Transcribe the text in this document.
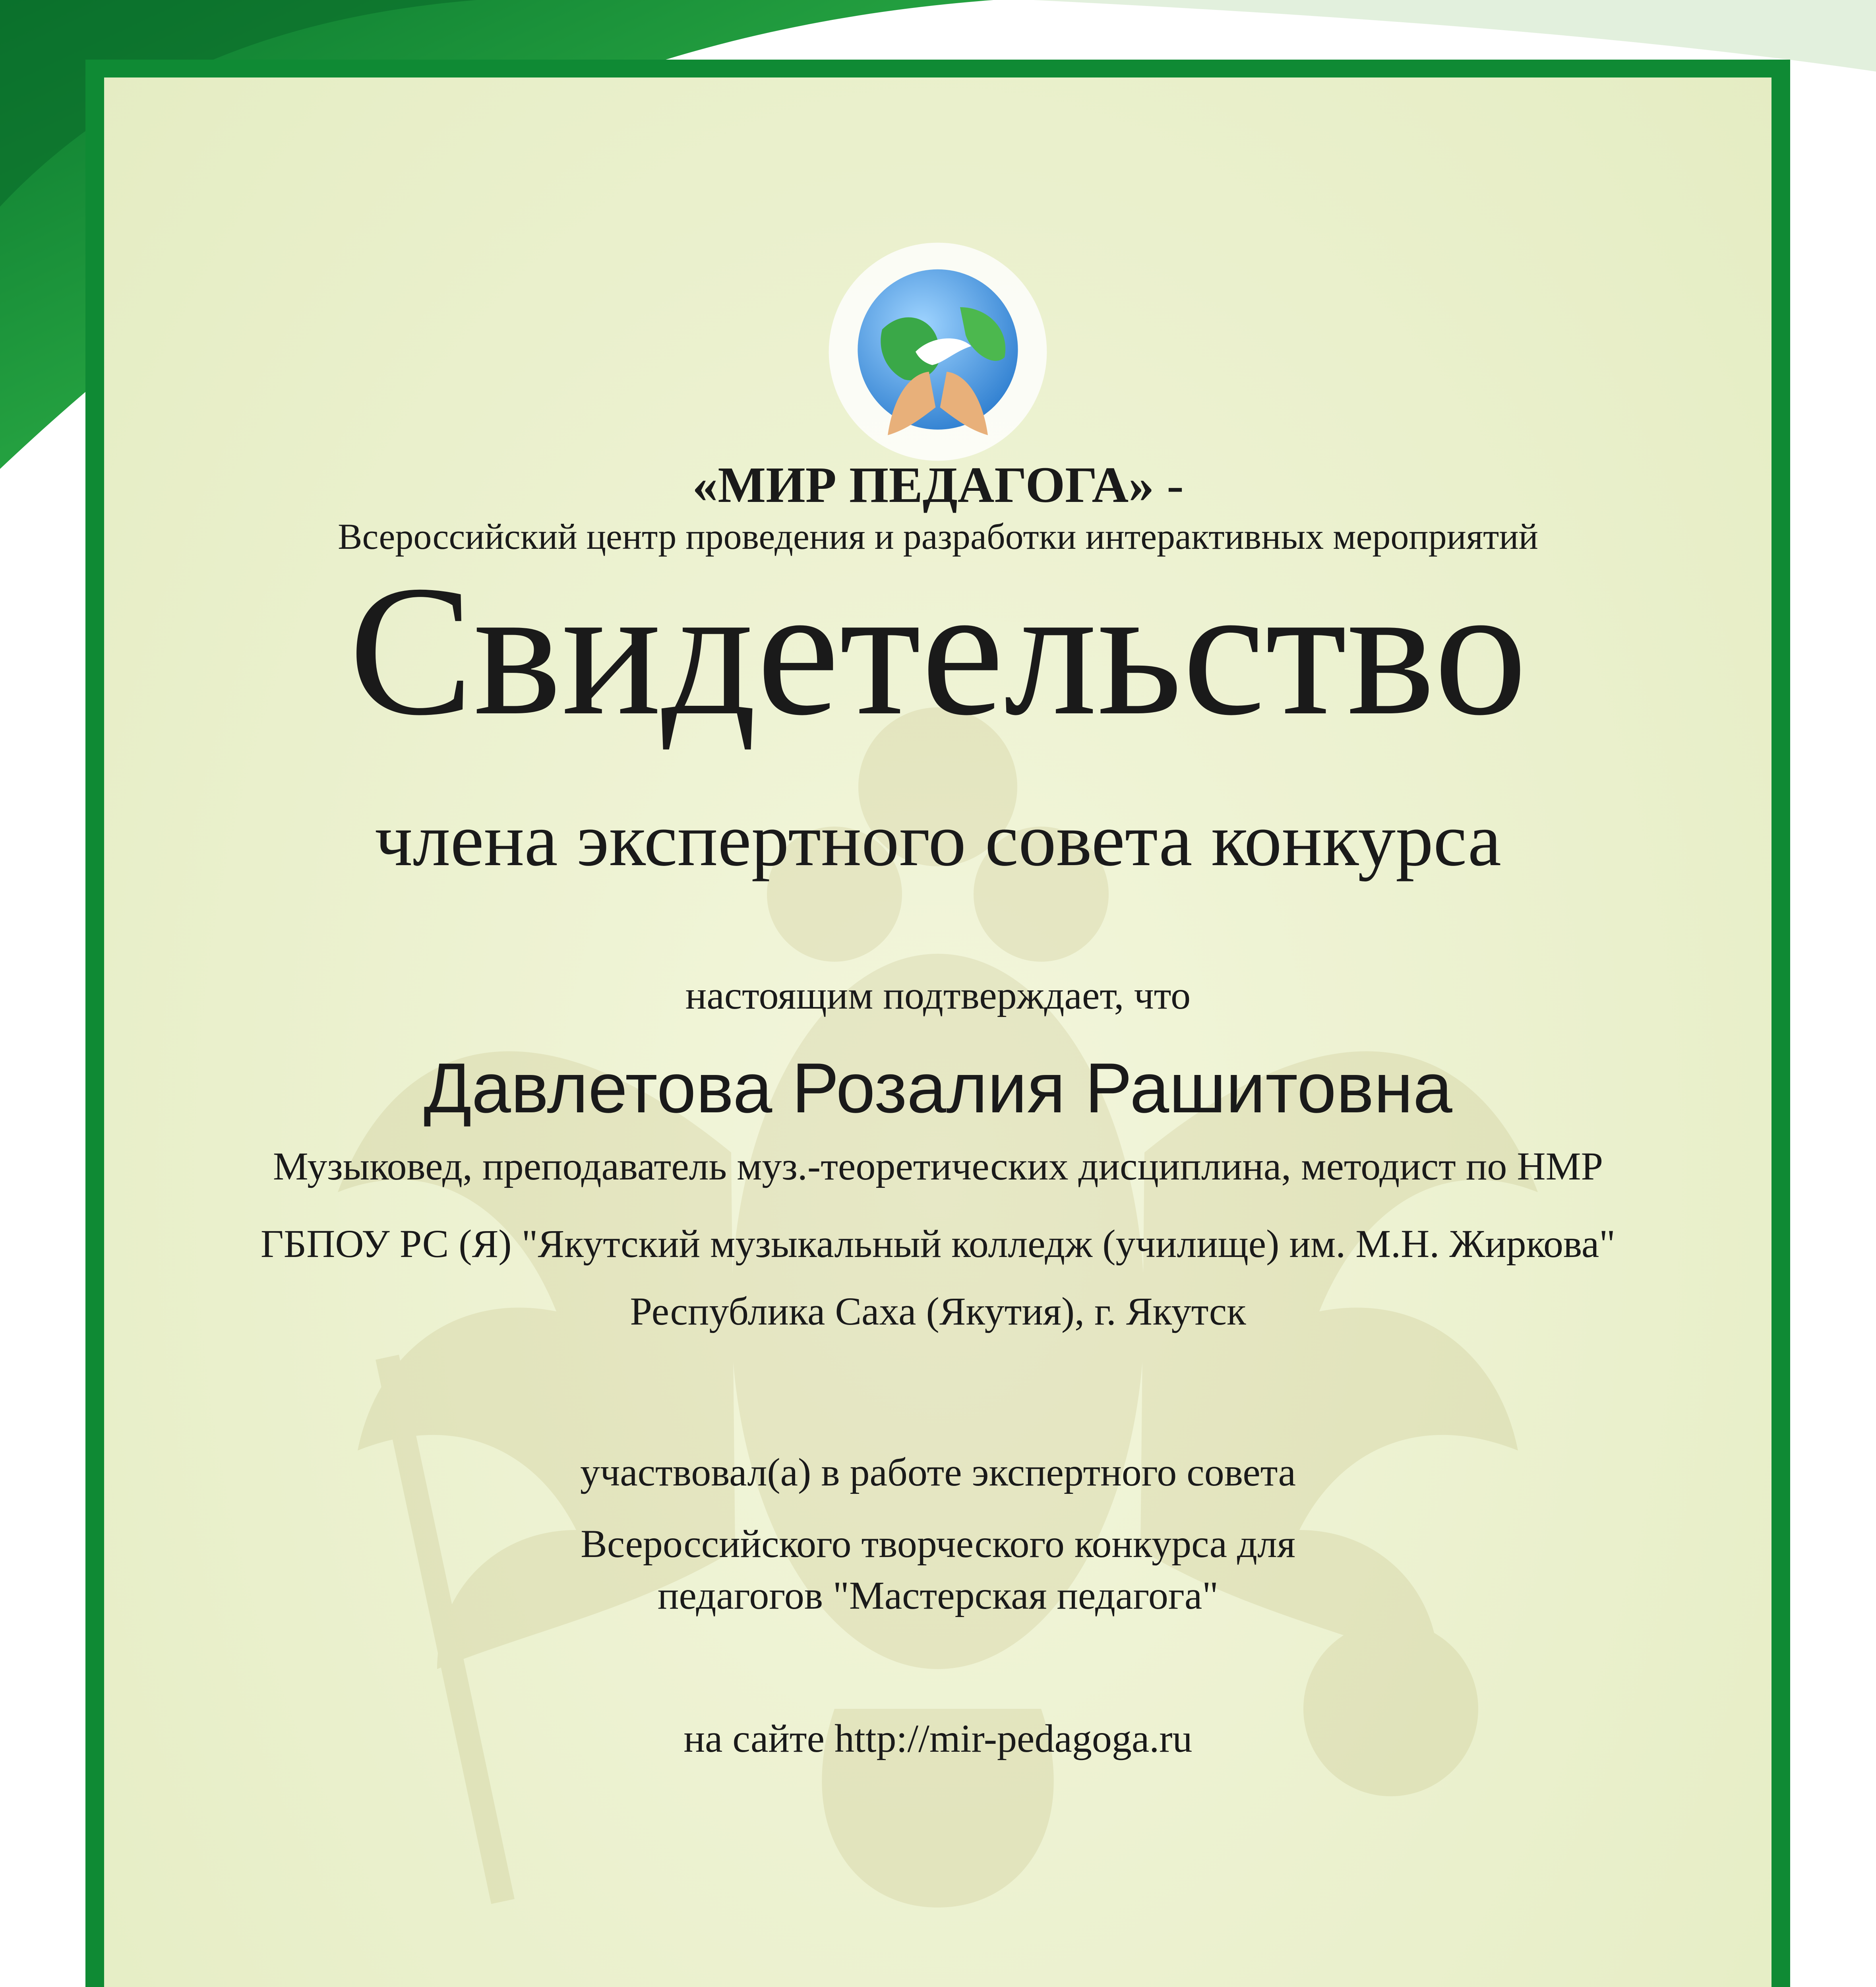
«МИР ПЕДАГОГА» -
Всероссийский центр проведения и разработки интерактивных мероприятий
Свидетельство
члена экспертного совета конкурса
настоящим подтверждает, что
Давлетова Розалия Рашитовна
Музыковед, преподаватель муз.-теоретических дисциплина, методист по НМР
ГБПОУ РС (Я) "Якутский музыкальный колледж (училище) им. М.Н. Жиркова"
Республика Саха (Якутия), г. Якутск
участвовал(а) в работе экспертного совета
Всероссийского творческого конкурса для
педагогов "Мастерская педагога"
на сайте http://mir-pedagoga.ru
